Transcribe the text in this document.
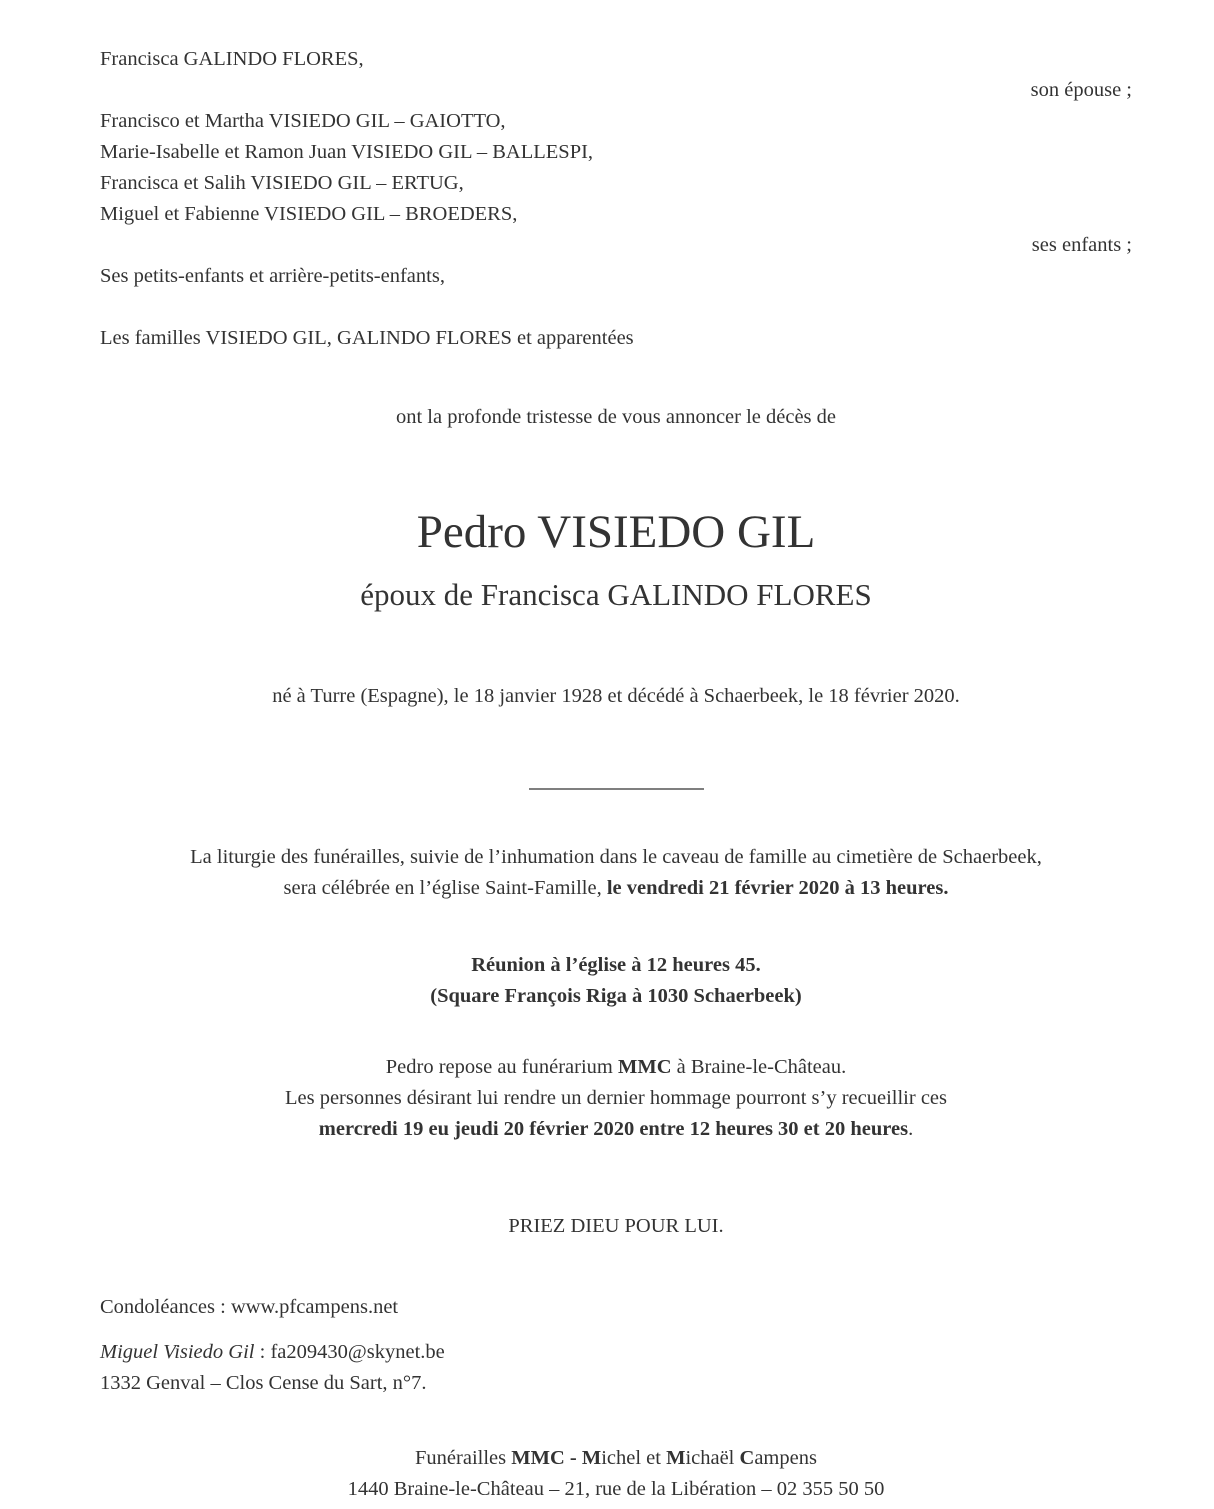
Francisca GALINDO FLORES,
son épouse ;
Francisco et Martha VISIEDO GIL – GAIOTTO,
Marie-Isabelle et Ramon Juan VISIEDO GIL – BALLESPI,
Francisca et Salih VISIEDO GIL – ERTUG,
Miguel et Fabienne VISIEDO GIL – BROEDERS,
ses enfants ;
Ses petits-enfants et arrière-petits-enfants,
Les familles VISIEDO GIL, GALINDO FLORES et apparentées
ont la profonde tristesse de vous annoncer le décès de
Pedro VISIEDO GIL
époux de Francisca GALINDO FLORES
né à Turre (Espagne), le 18 janvier 1928 et décédé à Schaerbeek, le 18 février 2020.
La liturgie des funérailles, suivie de l’inhumation dans le caveau de famille au cimetière de Schaerbeek,
sera célébrée en l’église Saint-Famille, le vendredi 21 février 2020 à 13 heures.
Réunion à l’église à 12 heures 45.
(Square François Riga à 1030 Schaerbeek)
Pedro repose au funérarium MMC à Braine-le-Château.
Les personnes désirant lui rendre un dernier hommage pourront s’y recueillir ces
mercredi 19 eu jeudi 20 février 2020 entre 12 heures 30 et 20 heures.
PRIEZ DIEU POUR LUI.
Condoléances : www.pfcampens.net
Miguel Visiedo Gil : fa209430@skynet.be
1332 Genval – Clos Cense du Sart, n°7.
Funérailles MMC - Michel et Michaël Campens
1440 Braine-le-Château – 21, rue de la Libération – 02 355 50 50
